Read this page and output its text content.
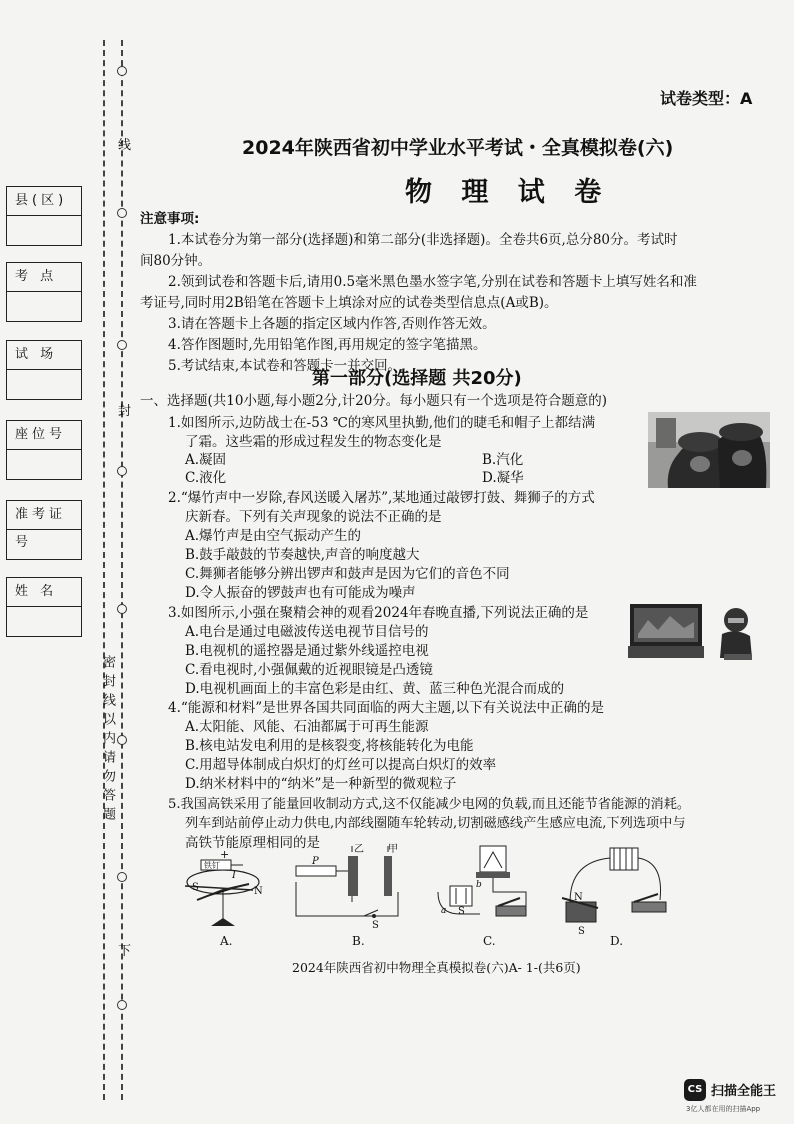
线
封
下
密封线以内请勿答题
县(区)
考 点
试 场
座位号
准考证号
姓 名
试卷类型：A
2024年陕西省初中学业水平考试・全真模拟卷(六)
物 理 试 卷
注意事项:
1.本试卷分为第一部分(选择题)和第二部分(非选择题)。全卷共6页,总分80分。考试时
间80分钟。
2.领到试卷和答题卡后,请用0.5毫米黑色墨水签字笔,分别在试卷和答题卡上填写姓名和准
考证号,同时用2B铅笔在答题卡上填涂对应的试卷类型信息点(A或B)。
3.请在答题卡上各题的指定区域内作答,否则作答无效。
4.答作图题时,先用铅笔作图,再用规定的签字笔描黑。
5.考试结束,本试卷和答题卡一并交回。
第一部分(选择题 共20分)
一、选择题(共10小题,每小题2分,计20分。每小题只有一个选项是符合题意的)
1.如图所示,边防战士在-53 ℃的寒风里执勤,他们的睫毛和帽子上都结满
了霜。这些霜的形成过程发生的物态变化是
A.凝固	B.汽化
C.液化	D.凝华
2.“爆竹声中一岁除,春风送暖入屠苏”,某地通过敲锣打鼓、舞狮子的方式
庆新春。下列有关声现象的说法不正确的是
A.爆竹声是由空气振动产生的
B.鼓手敲鼓的节奏越快,声音的响度越大
C.舞狮者能够分辨出锣声和鼓声是因为它们的音色不同
D.令人振奋的锣鼓声也有可能成为噪声
3.如图所示,小强在聚精会神的观看2024年春晚直播,下列说法正确的是
A.电台是通过电磁波传送电视节目信号的
B.电视机的遥控器是通过紫外线遥控电视
C.看电视时,小强佩戴的近视眼镜是凸透镜
D.电视机画面上的丰富色彩是由红、黄、蓝三种色光混合而成的
4.“能源和材料”是世界各国共同面临的两大主题,以下有关说法中正确的是
A.太阳能、风能、石油都属于可再生能源
B.核电站发电利用的是核裂变,将核能转化为电能
C.用超导体制成白炽灯的灯丝可以提高白炽灯的效率
D.纳米材料中的“纳米”是一种新型的微观粒子
5.我国高铁采用了能量回收制动方式,这不仅能减少电网的负载,而且还能节省能源的消耗。
列车到站前停止动力供电,内部线圈随车轮转动,切割磁感线产生感应电流,下列选项中与
高铁节能原理相同的是
+
铁钉
I
S	N
P
乙 甲
S
a
b
S
N
S
A.	B.	C.	D.
2024年陕西省初中物理全真模拟卷(六)A- 1-(共6页)
CS 扫描全能王
3亿人都在用的扫描App
